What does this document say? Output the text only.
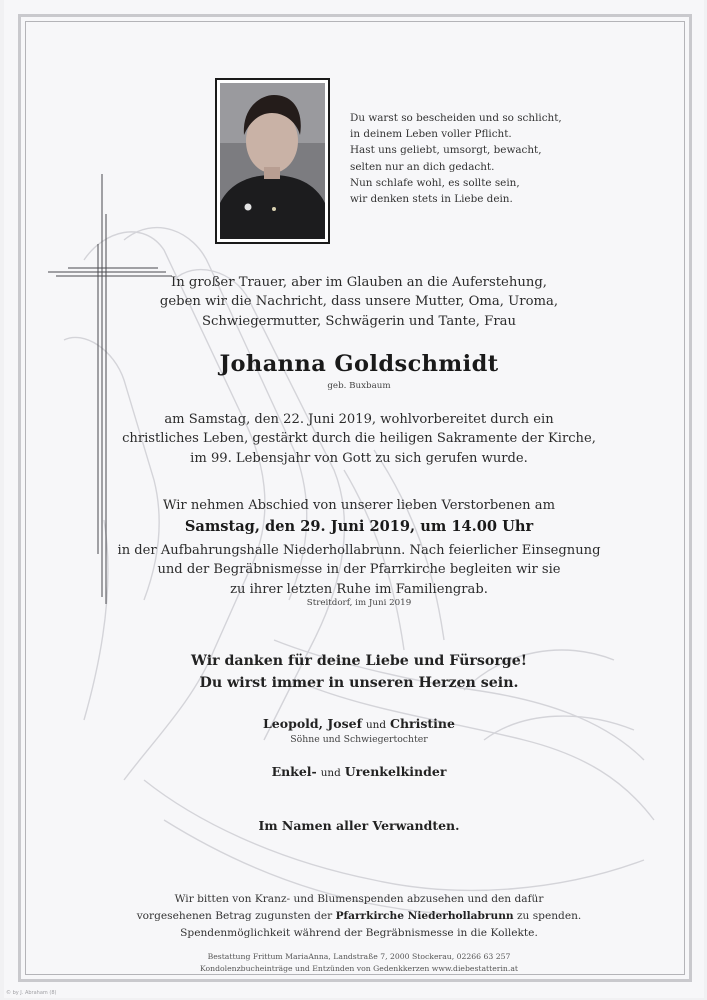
Du warst so bescheiden und so schlicht,
in deinem Leben voller Pflicht.
Hast uns geliebt, umsorgt, bewacht,
selten nur an dich gedacht.
Nun schlafe wohl, es sollte sein,
wir denken stets in Liebe dein.
In großer Trauer, aber im Glauben an die Auferstehung,
geben wir die Nachricht, dass unsere Mutter, Oma, Uroma,
Schwiegermutter, Schwägerin und Tante, Frau
Johanna Goldschmidt
geb. Buxbaum
am Samstag, den 22. Juni 2019, wohlvorbereitet durch ein
christliches Leben, gestärkt durch die heiligen Sakramente der Kirche,
im 99. Lebensjahr von Gott zu sich gerufen wurde.
Wir nehmen Abschied von unserer lieben Verstorbenen am
Samstag, den 29. Juni 2019, um 14.00 Uhr
in der Aufbahrungshalle Niederhollabrunn. Nach feierlicher Einsegnung
und der Begräbnismesse in der Pfarrkirche begleiten wir sie
zu ihrer letzten Ruhe im Familiengrab.
Streitdorf, im Juni 2019
Wir danken für deine Liebe und Fürsorge!
Du wirst immer in unseren Herzen sein.
Leopold, Josef und Christine
Söhne und Schwiegertochter
Enkel- und Urenkelkinder
Im Namen aller Verwandten.
Wir bitten von Kranz- und Blumenspenden abzusehen und den dafür
vorgesehenen Betrag zugunsten der Pfarrkirche Niederhollabrunn zu spenden.
Spendenmöglichkeit während der Begräbnismesse in die Kollekte.
Bestattung Frittum MariaAnna, Landstraße 7, 2000 Stockerau, 02266 63 257
Kondolenzbucheinträge und Entzünden von Gedenkkerzen www.diebestatterin.at
© by J. Abraham (8)
